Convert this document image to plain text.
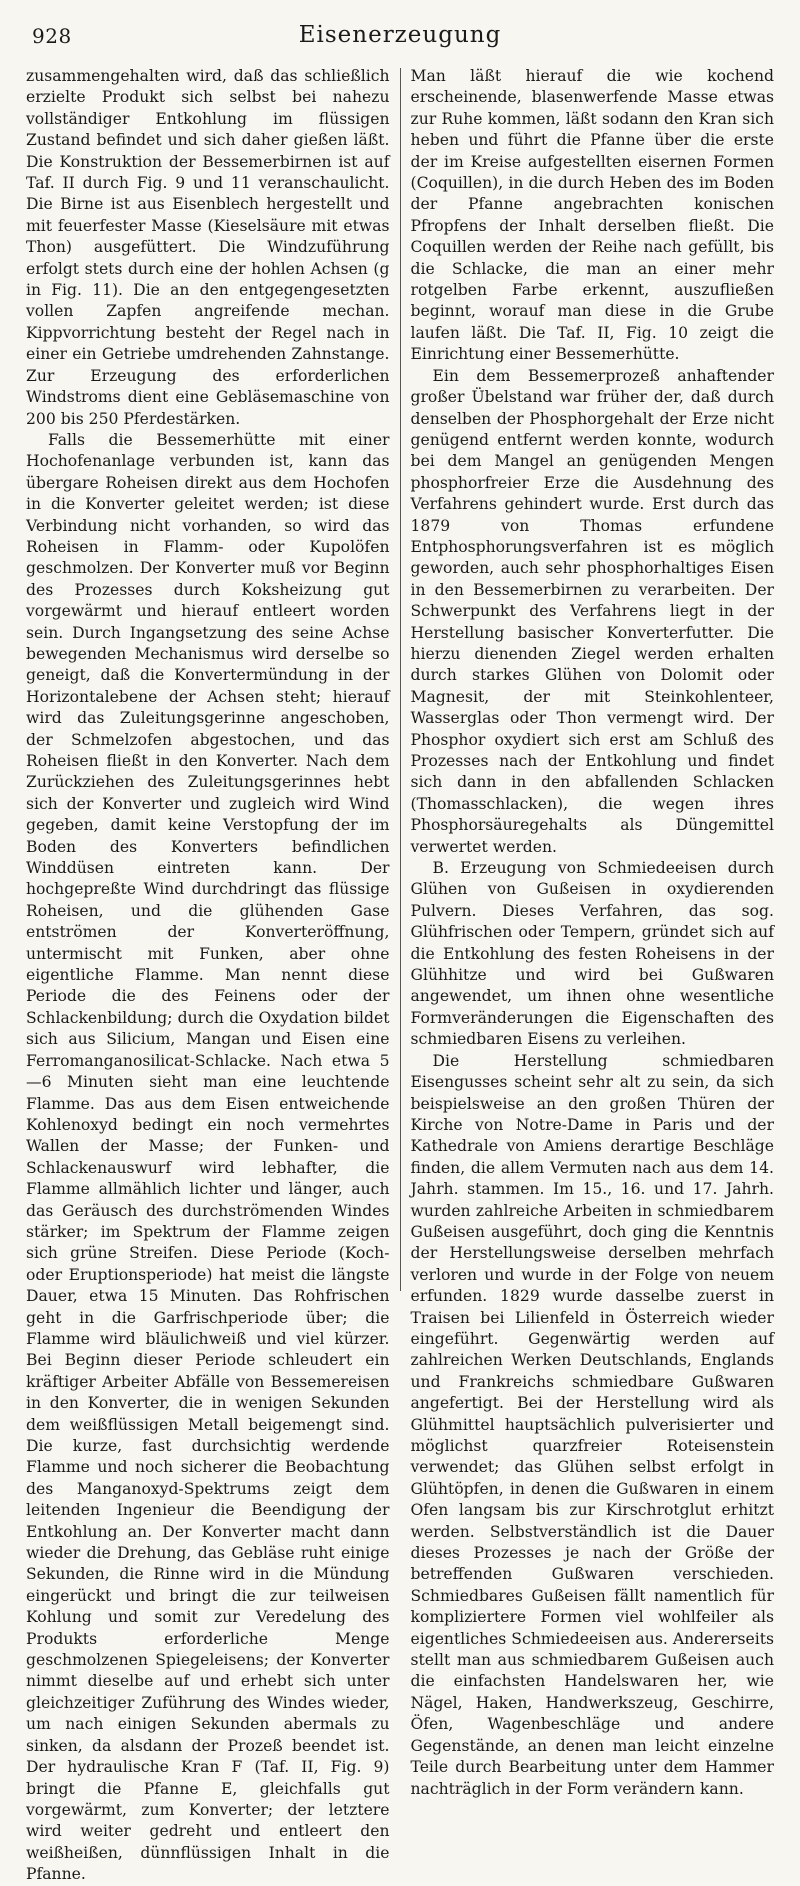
928	Eisenerzeugung

zusammengehalten wird, daß das schließlich erzielte Produkt sich selbst bei nahezu vollständiger Entkohlung im flüssigen Zustand befindet und sich daher gießen läßt. Die Konstruktion der Bessemerbirnen ist auf Taf. II durch Fig. 9 und 11 veranschaulicht. Die Birne ist aus Eisenblech hergestellt und mit feuerfester Masse (Kieselsäure mit etwas Thon) ausgefüttert. Die Windzuführung erfolgt stets durch eine der hohlen Achsen (g in Fig. 11). Die an den entgegengesetzten vollen Zapfen angreifende mechan. Kippvorrichtung besteht der Regel nach in einer ein Getriebe umdrehenden Zahnstange. Zur Erzeugung des erforderlichen Windstroms dient eine Gebläsemaschine von 200 bis 250 Pferdestärken.

Falls die Bessemerhütte mit einer Hochofenanlage verbunden ist, kann das übergare Roheisen direkt aus dem Hochofen in die Konverter geleitet werden; ist diese Verbindung nicht vorhanden, so wird das Roheisen in Flamm- oder Kupolöfen geschmolzen. Der Konverter muß vor Beginn des Prozesses durch Koksheizung gut vorgewärmt und hierauf entleert worden sein. Durch Ingangsetzung des seine Achse bewegenden Mechanismus wird derselbe so geneigt, daß die Konvertermündung in der Horizontalebene der Achsen steht; hierauf wird das Zuleitungsgerinne angeschoben, der Schmelzofen abgestochen, und das Roheisen fließt in den Konverter. Nach dem Zurückziehen des Zuleitungsgerinnes hebt sich der Konverter und zugleich wird Wind gegeben, damit keine Verstopfung der im Boden des Konverters befindlichen Winddüsen eintreten kann. Der hochgepreßte Wind durchdringt das flüssige Roheisen, und die glühenden Gase entströmen der Konverteröffnung, untermischt mit Funken, aber ohne eigentliche Flamme. Man nennt diese Periode die des Feinens oder der Schlackenbildung; durch die Oxydation bildet sich aus Silicium, Mangan und Eisen eine Ferromanganosilicat-Schlacke. Nach etwa 5—6 Minuten sieht man eine leuchtende Flamme. Das aus dem Eisen entweichende Kohlenoxyd bedingt ein noch vermehrtes Wallen der Masse; der Funken- und Schlackenauswurf wird lebhafter, die Flamme allmählich lichter und länger, auch das Geräusch des durchströmenden Windes stärker; im Spektrum der Flamme zeigen sich grüne Streifen. Diese Periode (Koch- oder Eruptionsperiode) hat meist die längste Dauer, etwa 15 Minuten. Das Rohfrischen geht in die Garfrischperiode über; die Flamme wird bläulichweiß und viel kürzer. Bei Beginn dieser Periode schleudert ein kräftiger Arbeiter Abfälle von Bessemereisen in den Konverter, die in wenigen Sekunden dem weißflüssigen Metall beigemengt sind. Die kurze, fast durchsichtig werdende Flamme und noch sicherer die Beobachtung des Manganoxyd-Spektrums zeigt dem leitenden Ingenieur die Beendigung der Entkohlung an. Der Konverter macht dann wieder die Drehung, das Gebläse ruht einige Sekunden, die Rinne wird in die Mündung eingerückt und bringt die zur teilweisen Kohlung und somit zur Veredelung des Produkts erforderliche Menge geschmolzenen Spiegeleisens; der Konverter nimmt dieselbe auf und erhebt sich unter gleichzeitiger Zuführung des Windes wieder, um nach einigen Sekunden abermals zu sinken, da alsdann der Prozeß beendet ist. Der hydraulische Kran F (Taf. II, Fig. 9) bringt die Pfanne E, gleichfalls gut vorgewärmt, zum Konverter; der letztere wird weiter gedreht und entleert den weißheißen, dünnflüssigen Inhalt in die Pfanne.

Man läßt hierauf die wie kochend erscheinende, blasenwerfende Masse etwas zur Ruhe kommen, läßt sodann den Kran sich heben und führt die Pfanne über die erste der im Kreise aufgestellten eisernen Formen (Coquillen), in die durch Heben des im Boden der Pfanne angebrachten konischen Pfropfens der Inhalt derselben fließt. Die Coquillen werden der Reihe nach gefüllt, bis die Schlacke, die man an einer mehr rotgelben Farbe erkennt, auszufließen beginnt, worauf man diese in die Grube laufen läßt. Die Taf. II, Fig. 10 zeigt die Einrichtung einer Bessemerhütte.

Ein dem Bessemerprozeß anhaftender großer Übelstand war früher der, daß durch denselben der Phosphorgehalt der Erze nicht genügend entfernt werden konnte, wodurch bei dem Mangel an genügenden Mengen phosphorfreier Erze die Ausdehnung des Verfahrens gehindert wurde. Erst durch das 1879 von Thomas erfundene Entphosphorungsverfahren ist es möglich geworden, auch sehr phosphorhaltiges Eisen in den Bessemerbirnen zu verarbeiten. Der Schwerpunkt des Verfahrens liegt in der Herstellung basischer Konverterfutter. Die hierzu dienenden Ziegel werden erhalten durch starkes Glühen von Dolomit oder Magnesit, der mit Steinkohlenteer, Wasserglas oder Thon vermengt wird. Der Phosphor oxydiert sich erst am Schluß des Prozesses nach der Entkohlung und findet sich dann in den abfallenden Schlacken (Thomasschlacken), die wegen ihres Phosphorsäuregehalts als Düngemittel verwertet werden.

B. Erzeugung von Schmiedeeisen durch Glühen von Gußeisen in oxydierenden Pulvern. Dieses Verfahren, das sog. Glühfrischen oder Tempern, gründet sich auf die Entkohlung des festen Roheisens in der Glühhitze und wird bei Gußwaren angewendet, um ihnen ohne wesentliche Formveränderungen die Eigenschaften des schmiedbaren Eisens zu verleihen.

Die Herstellung schmiedbaren Eisengusses scheint sehr alt zu sein, da sich beispielsweise an den großen Thüren der Kirche von Notre-Dame in Paris und der Kathedrale von Amiens derartige Beschläge finden, die allem Vermuten nach aus dem 14. Jahrh. stammen. Im 15., 16. und 17. Jahrh. wurden zahlreiche Arbeiten in schmiedbarem Gußeisen ausgeführt, doch ging die Kenntnis der Herstellungsweise derselben mehrfach verloren und wurde in der Folge von neuem erfunden. 1829 wurde dasselbe zuerst in Traisen bei Lilienfeld in Österreich wieder eingeführt. Gegenwärtig werden auf zahlreichen Werken Deutschlands, Englands und Frankreichs schmiedbare Gußwaren angefertigt. Bei der Herstellung wird als Glühmittel hauptsächlich pulverisierter und möglichst quarzfreier Roteisenstein verwendet; das Glühen selbst erfolgt in Glühtöpfen, in denen die Gußwaren in einem Ofen langsam bis zur Kirschrotglut erhitzt werden. Selbstverständlich ist die Dauer dieses Prozesses je nach der Größe der betreffenden Gußwaren verschieden. Schmiedbares Gußeisen fällt namentlich für kompliziertere Formen viel wohlfeiler als eigentliches Schmiedeeisen aus. Andererseits stellt man aus schmiedbarem Gußeisen auch die einfachsten Handelswaren her, wie Nägel, Haken, Handwerkszeug, Geschirre, Öfen, Wagenbeschläge und andere Gegenstände, an denen man leicht einzelne Teile durch Bearbeitung unter dem Hammer nachträglich in der Form verändern kann.
